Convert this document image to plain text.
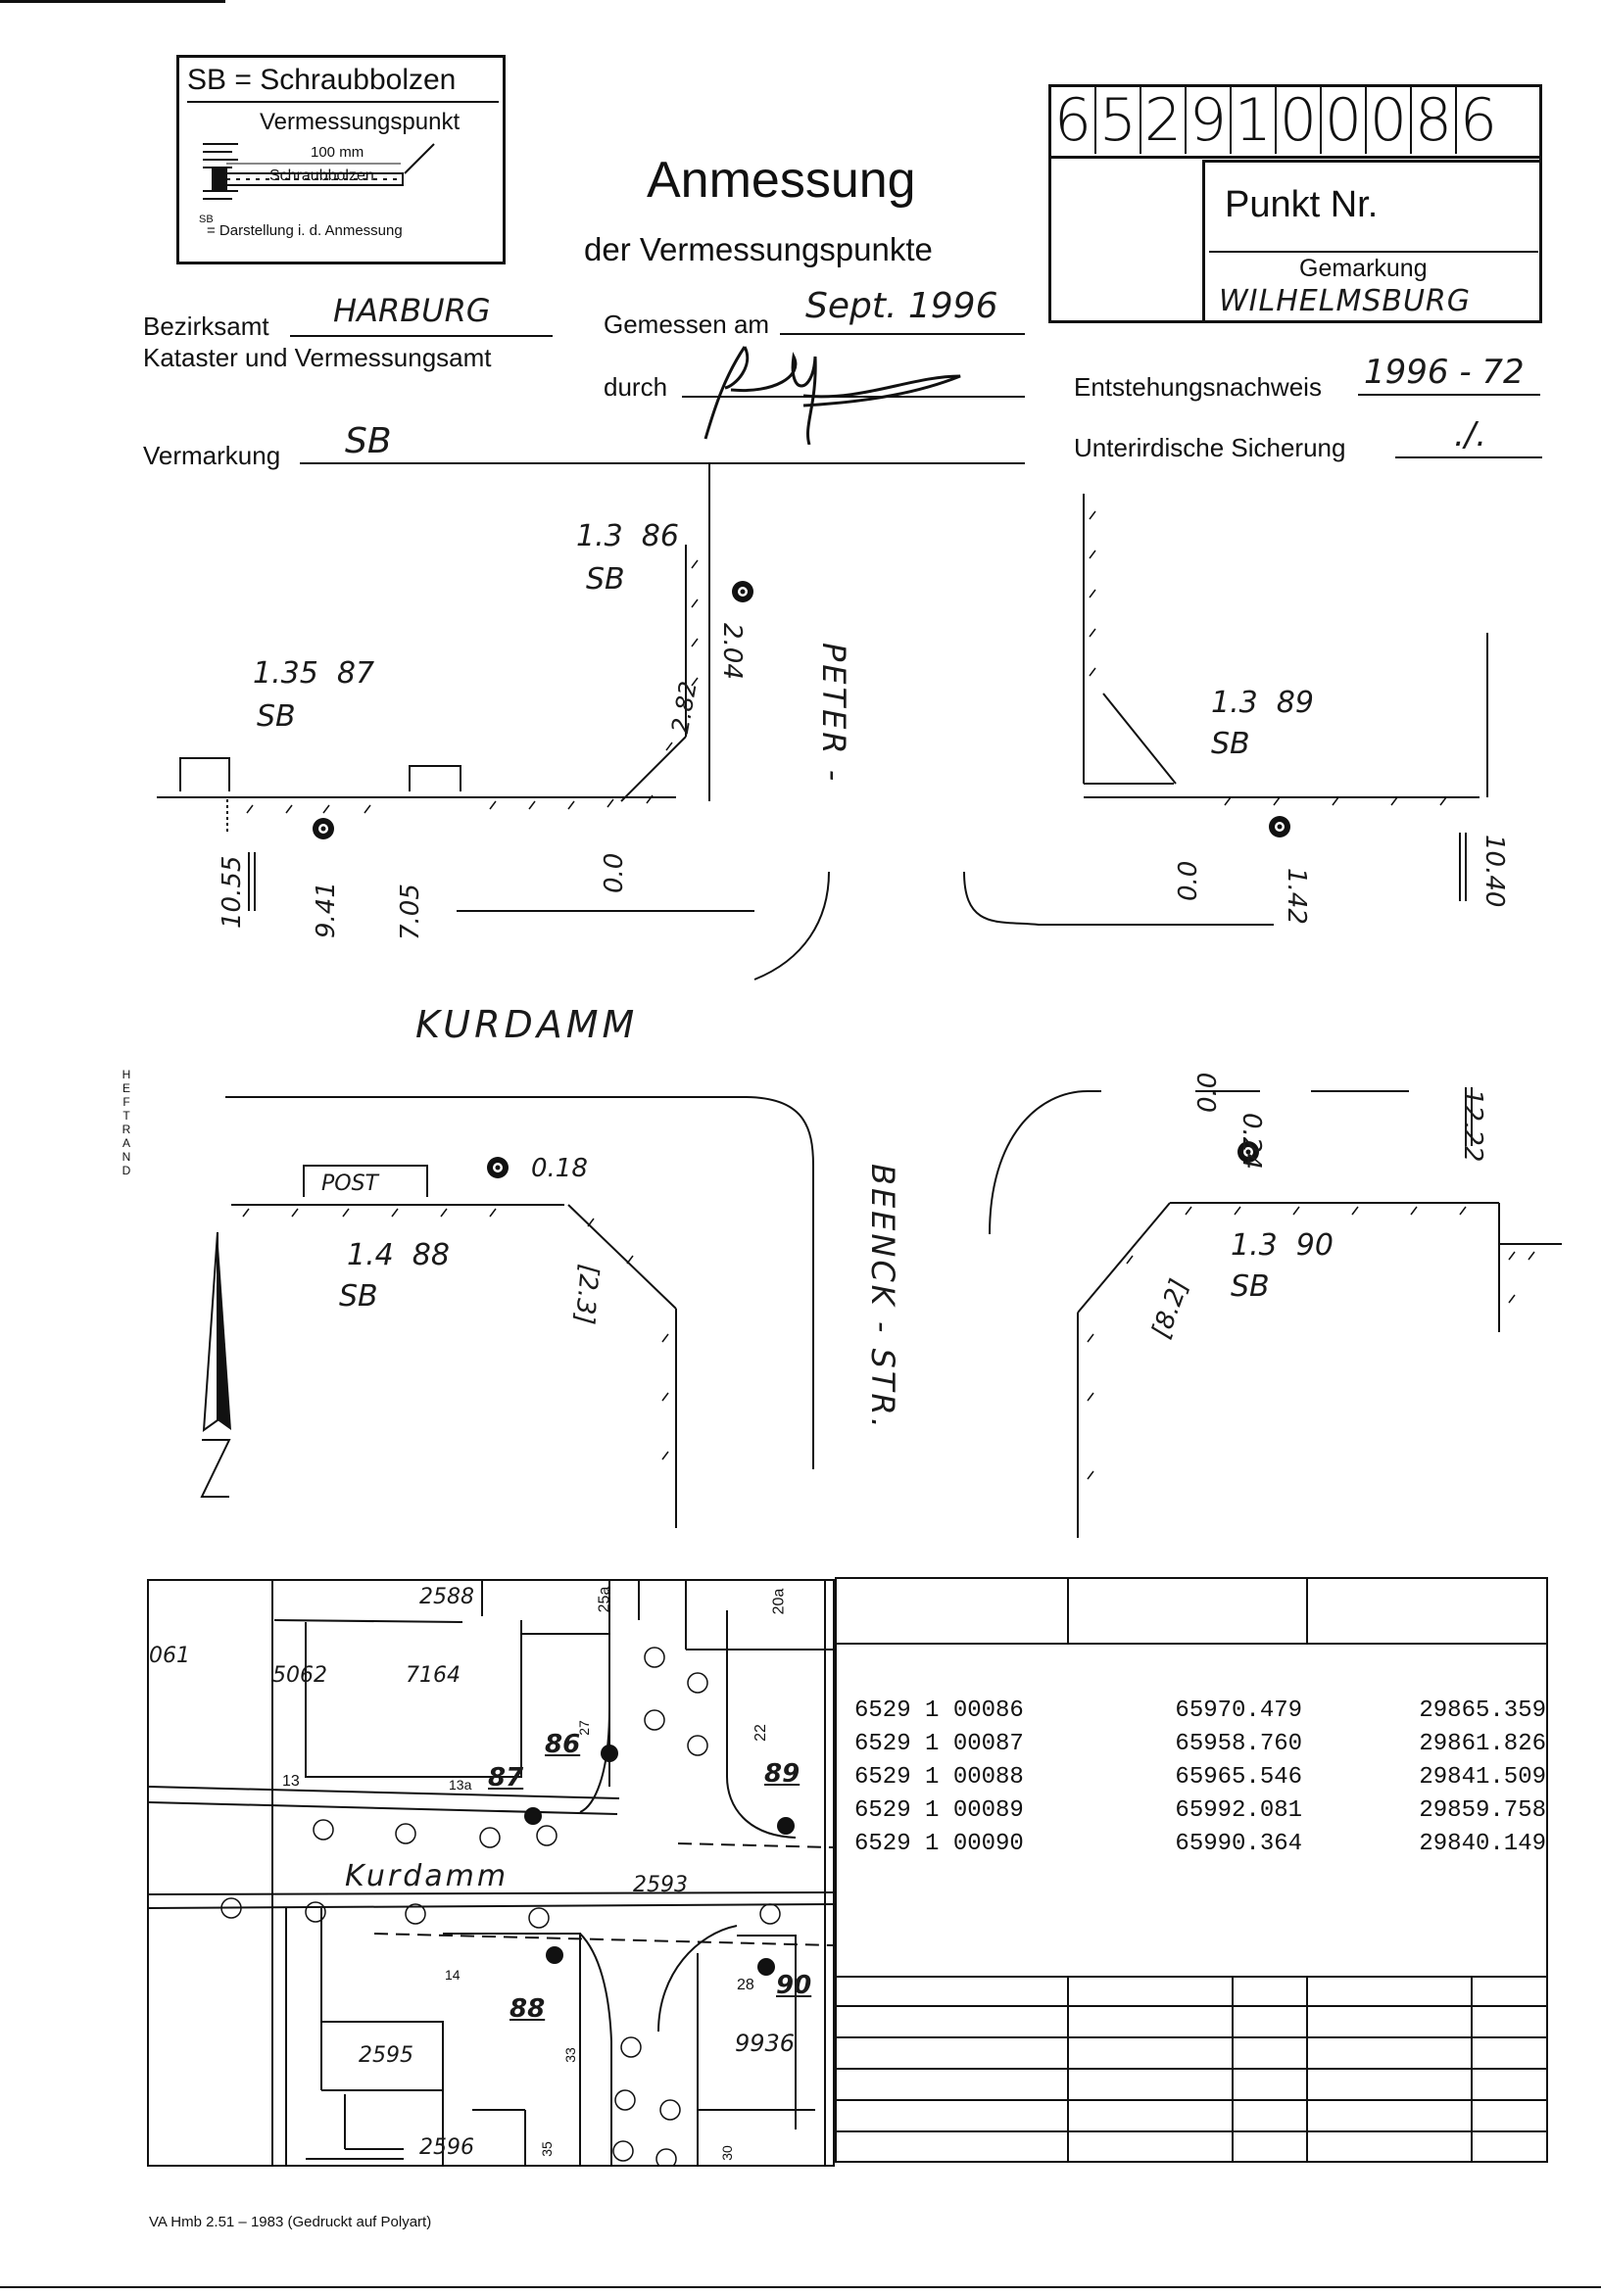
SB = Schraubbolzen
Vermessungspunkt
100 mm
Schraubbolzen
SB
= Darstellung i. d. Anmessung
Anmessung
der Vermessungspunkte
6 5 2 9 1 0 0 0 8 6
Punkt Nr.
Gemarkung
WILHELMSBURG
Bezirksamt HARBURG
Kataster und Vermessungsamt
Gemessen am Sept. 1996
durch	Entstehungsnachweis 1996 - 72
Vermarkung SB	Unterirdische Sicherung	./.
1.3 86
SB
1.35 87
SB	1.3 89
SB
1.4 88
SB
1.3 90
SB
KURDAMM
PETER -
BEENCK - STR.
POST
2.04
2.82
10.55	9.41 7.05
0.0	0.0	1.42	10.40
0.18
[2.3]
0.0
0.24	12.22
[8.2]
2588	25a	20a
061
5062	7164
86
27	22
89
13	13a 87
Kurdamm	2593
14
88
28 90
9936
2595	33
2596	35	30
6529 1 00086	65970.479	29865.359
6529 1 00087	65958.760	29861.826
6529 1 00088	65965.546	29841.509
6529 1 00089	65992.081	29859.758
6529 1 00090	65990.364	29840.149
H
E
F
T
R
A
N
D
VA Hmb 2.51 – 1983 (Gedruckt auf Polyart)
